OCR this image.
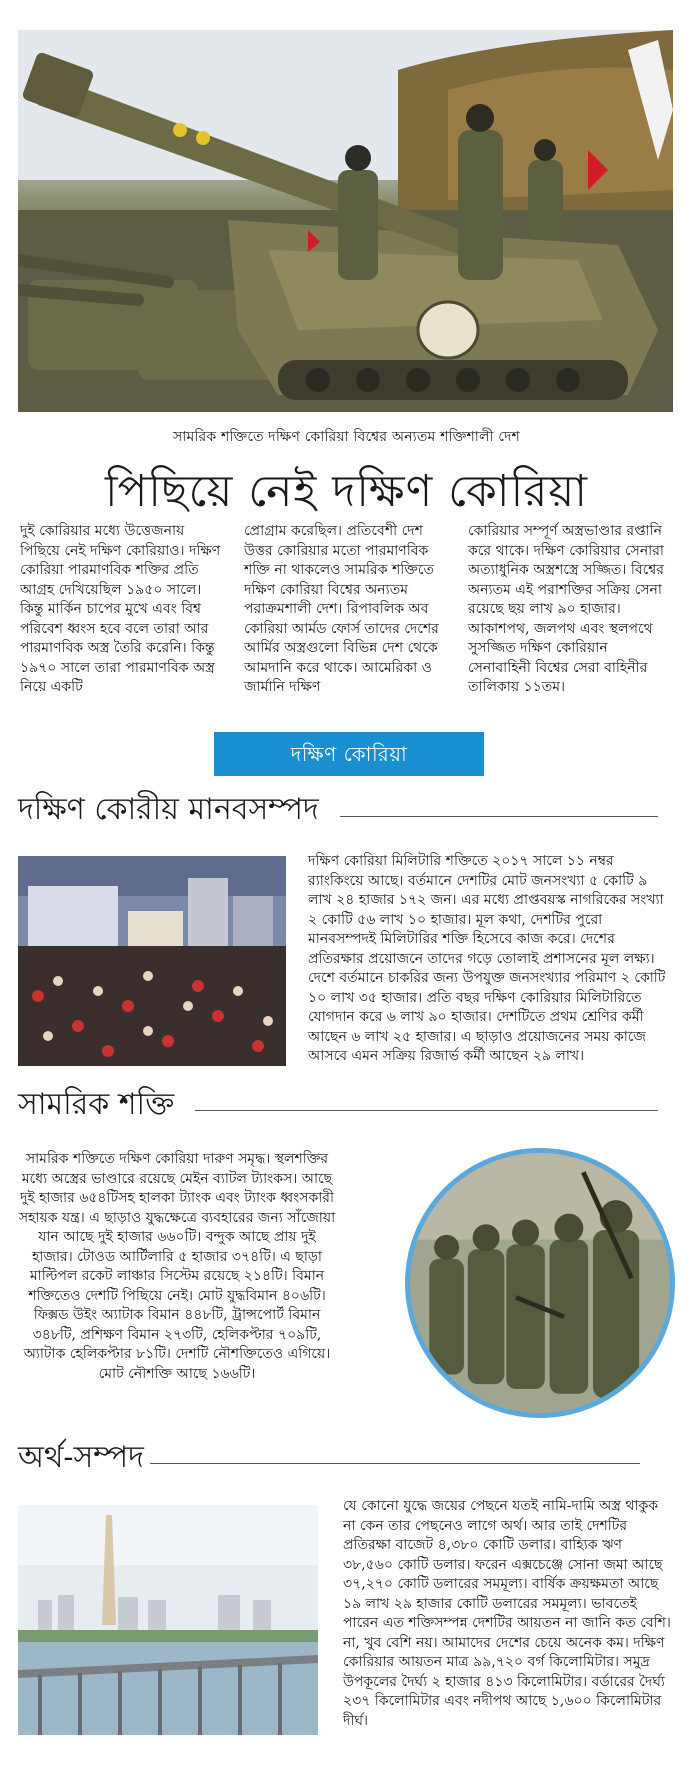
সামরিক শক্তিতে দক্ষিণ কোরিয়া বিশ্বের অন্যতম শক্তিশালী দেশ
পিছিয়ে নেই দক্ষিণ কোরিয়া

দুই কোরিয়ার মধ্যে উত্তেজনায় পিছিয়ে নেই দক্ষিণ কোরিয়াও। দক্ষিণ কোরিয়া পারমাণবিক শক্তির প্রতি আগ্রহ দেখিয়েছিল ১৯৫০ সালে। কিন্তু মার্কিন চাপের মুখে এবং বিশ্ব পরিবেশ ধ্বংস হবে বলে তারা আর পারমাণবিক অস্ত্র তৈরি করেনি। কিন্তু ১৯৭০ সালে তারা পারমাণবিক অস্ত্র নিয়ে একটি

প্রোগ্রাম করেছিল। প্রতিবেশী দেশ উত্তর কোরিয়ার মতো পারমাণবিক শক্তি না থাকলেও সামরিক শক্তিতে দক্ষিণ কোরিয়া বিশ্বের অন্যতম পরাক্রমশালী দেশ। রিপাবলিক অব কোরিয়া আর্মড ফোর্স তাদের দেশের আর্মির অস্ত্রগুলো বিভিন্ন দেশ থেকে আমদানি করে থাকে। আমেরিকা ও জার্মানি দক্ষিণ

কোরিয়ার সম্পূর্ণ অস্ত্রভাণ্ডার রপ্তানি করে থাকে। দক্ষিণ কোরিয়ার সেনারা অত্যাধুনিক অস্ত্রশস্ত্রে সজ্জিত। বিশ্বের অন্যতম এই পরাশক্তির সক্রিয় সেনা রয়েছে ছয় লাখ ৯০ হাজার। আকাশপথ, জলপথ এবং স্থলপথে সুসজ্জিত দক্ষিণ কোরিয়ান সেনাবাহিনী বিশ্বের সেরা বাহিনীর তালিকায় ১১তম।

দক্ষিণ কোরিয়া
দক্ষিণ কোরীয় মানবসম্পদ
দক্ষিণ কোরিয়া মিলিটারি শক্তিতে ২০১৭ সালে ১১ নম্বর র‍্যাংকিংয়ে আছে। বর্তমানে দেশটির মোট জনসংখ্যা ৫ কোটি ৯ লাখ ২৪ হাজার ১৭২ জন। এর মধ্যে প্রাপ্তবয়স্ক নাগরিকের সংখ্যা ২ কোটি ৫৬ লাখ ১০ হাজার। মূল কথা, দেশটির পুরো মানবসম্পদই মিলিটারির শক্তি হিসেবে কাজ করে। দেশের প্রতিরক্ষার প্রয়োজনে তাদের গড়ে তোলাই প্রশাসনের মূল লক্ষ্য। দেশে বর্তমানে চাকরির জন্য উপযুক্ত জনসংখ্যার পরিমাণ ২ কোটি ১০ লাখ ৩৫ হাজার। প্রতি বছর দক্ষিণ কোরিয়ার মিলিটারিতে যোগদান করে ৬ লাখ ৯০ হাজার। দেশটিতে প্রথম শ্রেণির কর্মী আছেন ৬ লাখ ২৫ হাজার। এ ছাড়াও প্রয়োজনের সময় কাজে আসবে এমন সক্রিয় রিজার্ভ কর্মী আছেন ২৯ লাখ।
সামরিক শক্তি
সামরিক শক্তিতে দক্ষিণ কোরিয়া দারুণ সমৃদ্ধ। স্থলশক্তির মধ্যে অস্ত্রের ভাণ্ডারে রয়েছে মেইন ব্যাটল ট্যাংকস। আছে দুই হাজার ৬৫৪টিসহ হালকা ট্যাংক এবং ট্যাংক ধ্বংসকারী সহায়ক যন্ত্র। এ ছাড়াও যুদ্ধক্ষেত্রে ব্যবহারের জন্য সাঁজোয়া যান আছে দুই হাজার ৬৬০টি। বন্দুক আছে প্রায় দুই হাজার। টোওড আর্টিলারি ৫ হাজার ৩৭৪টি। এ ছাড়া মাল্টিপল রকেট লাঞ্চার সিস্টেম রয়েছে ২১৪টি। বিমান শক্তিতেও দেশটি পিছিয়ে নেই। মোট যুদ্ধবিমান ৪০৬টি। ফিক্সড উইং অ্যাটাক বিমান ৪৪৮টি, ট্রান্সপোর্ট বিমান ৩৪৮টি, প্রশিক্ষণ বিমান ২৭৩টি, হেলিকপ্টার ৭০৯টি, অ্যাটাক হেলিকপ্টার ৮১টি। দেশটি নৌশক্তিতেও এগিয়ে। মোট নৌশক্তি আছে ১৬৬টি।
অর্থ-সম্পদ
যে কোনো যুদ্ধে জয়ের পেছনে যতই নামি-দামি অস্ত্র থাকুক না কেন তার পেছনেও লাগে অর্থ। আর তাই দেশটির প্রতিরক্ষা বাজেট ৪,৩৮০ কোটি ডলার। বাহ্যিক ঋণ ৩৮,৫৬০ কোটি ডলার। ফরেন এক্সচেঞ্জে সোনা জমা আছে ৩৭,২৭০ কোটি ডলারের সমমূল্য। বার্ষিক ক্রয়ক্ষমতা আছে ১৯ লাখ ২৯ হাজার কোটি ডলারের সমমূল্য। ভাবতেই পারেন এত শক্তিসম্পন্ন দেশটির আয়তন না জানি কত বেশি। না, খুব বেশি নয়। আমাদের দেশের চেয়ে অনেক কম। দক্ষিণ কোরিয়ার আয়তন মাত্র ৯৯,৭২০ বর্গ কিলোমিটার। সমুদ্র উপকূলের দৈর্ঘ্য ২ হাজার ৪১৩ কিলোমিটার। বর্ডারের দৈর্ঘ্য ২৩৭ কিলোমিটার এবং নদীপথ আছে ১,৬০০ কিলোমিটার দীর্ঘ।
